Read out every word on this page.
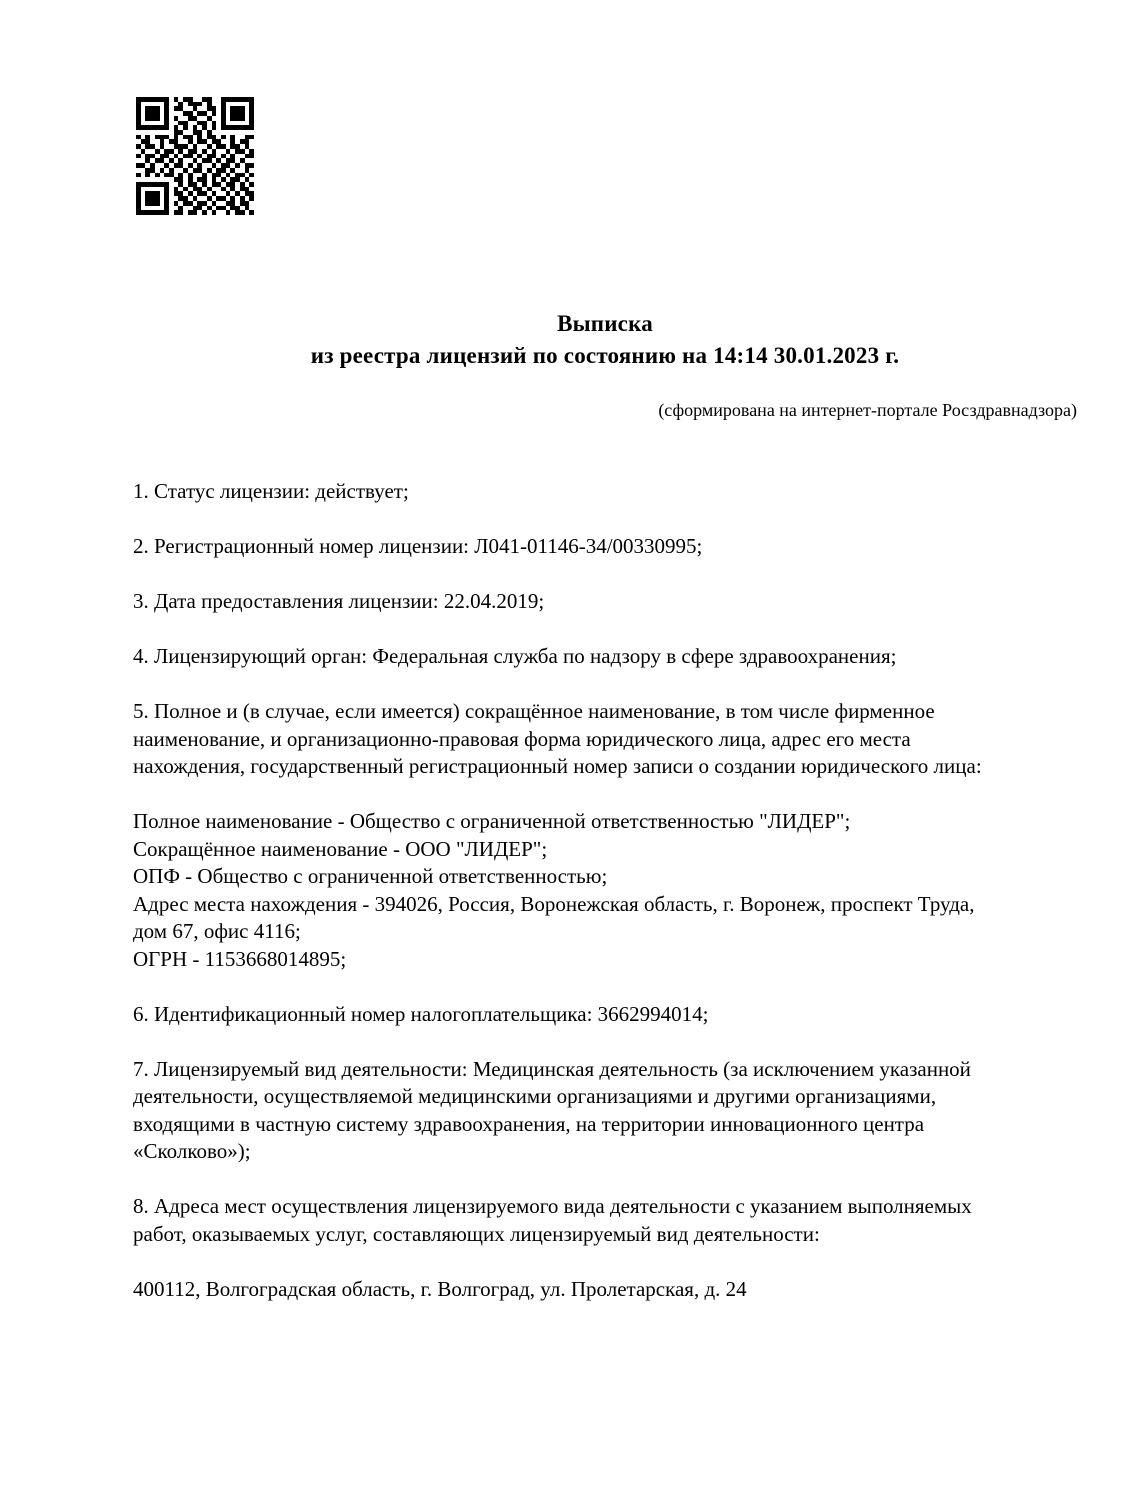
Выписка
из реестра лицензий по состоянию на 14:14 30.01.2023 г.
(сформирована на интернет-портале Росздравнадзора)

1. Статус лицензии: действует;

2. Регистрационный номер лицензии: Л041-01146-34/00330995;

3. Дата предоставления лицензии: 22.04.2019;

4. Лицензирующий орган: Федеральная служба по надзору в сфере здравоохранения;

5. Полное и (в случае, если имеется) сокращённое наименование, в том числе фирменное
наименование, и организационно-правовая форма юридического лица, адрес его места
нахождения, государственный регистрационный номер записи о создании юридического лица:

Полное наименование - Общество с ограниченной ответственностью "ЛИДЕР";
Сокращённое наименование - ООО "ЛИДЕР";
ОПФ - Общество с ограниченной ответственностью;
Адрес места нахождения - 394026, Россия, Воронежская область, г. Воронеж, проспект Труда,
дом 67, офис 4116;
ОГРН - 1153668014895;

6. Идентификационный номер налогоплательщика: 3662994014;

7. Лицензируемый вид деятельности: Медицинская деятельность (за исключением указанной
деятельности, осуществляемой медицинскими организациями и другими организациями,
входящими в частную систему здравоохранения, на территории инновационного центра
«Сколково»);

8. Адреса мест осуществления лицензируемого вида деятельности с указанием выполняемых
работ, оказываемых услуг, составляющих лицензируемый вид деятельности:

400112, Волгоградская область, г. Волгоград, ул. Пролетарская, д. 24
